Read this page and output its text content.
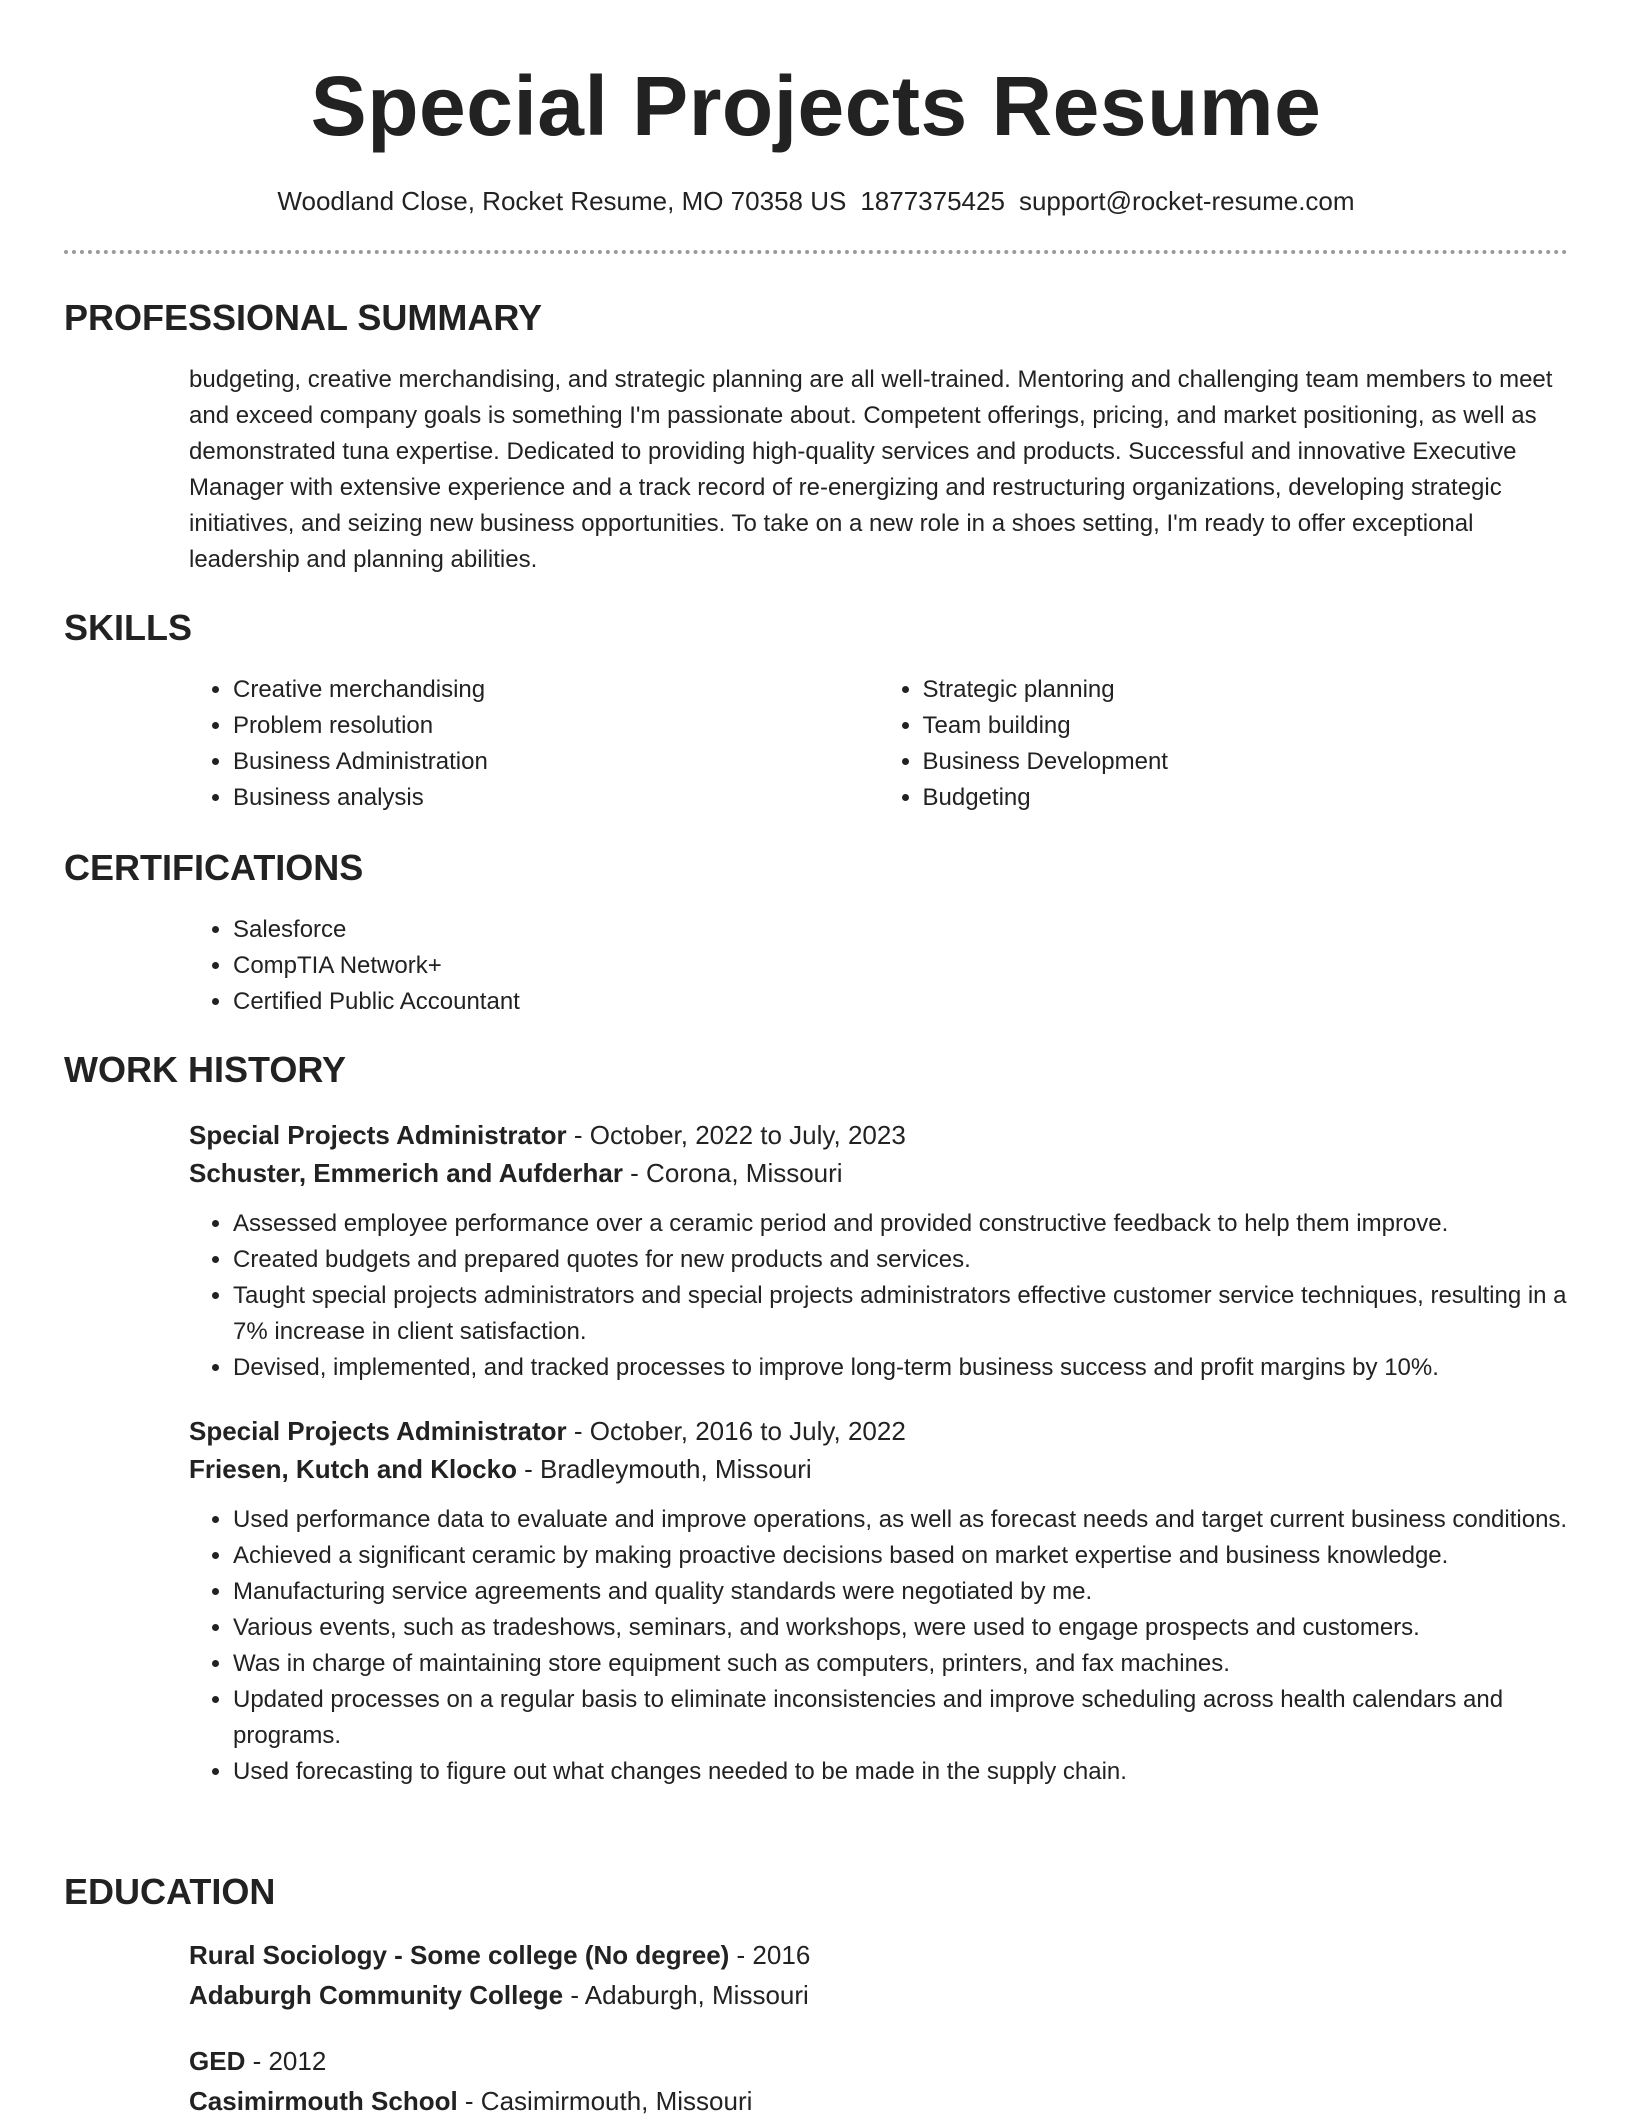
Special Projects Resume
Woodland Close, Rocket Resume, MO 70358 US 1877375425 support@rocket-resume.com
PROFESSIONAL SUMMARY
budgeting, creative merchandising, and strategic planning are all well-trained. Mentoring and challenging team members to meet and exceed company goals is something I'm passionate about. Competent offerings, pricing, and market positioning, as well as demonstrated tuna expertise. Dedicated to providing high-quality services and products. Successful and innovative Executive Manager with extensive experience and a track record of re-energizing and restructuring organizations, developing strategic initiatives, and seizing new business opportunities. To take on a new role in a shoes setting, I'm ready to offer exceptional leadership and planning abilities.
SKILLS
• Creative merchandising
• Problem resolution
• Business Administration
• Business analysis
• Strategic planning
• Team building
• Business Development
• Budgeting
CERTIFICATIONS
• Salesforce
• CompTIA Network+
• Certified Public Accountant
WORK HISTORY
Special Projects Administrator - October, 2022 to July, 2023
Schuster, Emmerich and Aufderhar - Corona, Missouri
• Assessed employee performance over a ceramic period and provided constructive feedback to help them improve.
• Created budgets and prepared quotes for new products and services.
• Taught special projects administrators and special projects administrators effective customer service techniques, resulting in a 7% increase in client satisfaction.
• Devised, implemented, and tracked processes to improve long-term business success and profit margins by 10%.
Special Projects Administrator - October, 2016 to July, 2022
Friesen, Kutch and Klocko - Bradleymouth, Missouri
• Used performance data to evaluate and improve operations, as well as forecast needs and target current business conditions.
• Achieved a significant ceramic by making proactive decisions based on market expertise and business knowledge.
• Manufacturing service agreements and quality standards were negotiated by me.
• Various events, such as tradeshows, seminars, and workshops, were used to engage prospects and customers.
• Was in charge of maintaining store equipment such as computers, printers, and fax machines.
• Updated processes on a regular basis to eliminate inconsistencies and improve scheduling across health calendars and programs.
• Used forecasting to figure out what changes needed to be made in the supply chain.
EDUCATION
Rural Sociology - Some college (No degree) - 2016
Adaburgh Community College - Adaburgh, Missouri
GED - 2012
Casimirmouth School - Casimirmouth, Missouri
